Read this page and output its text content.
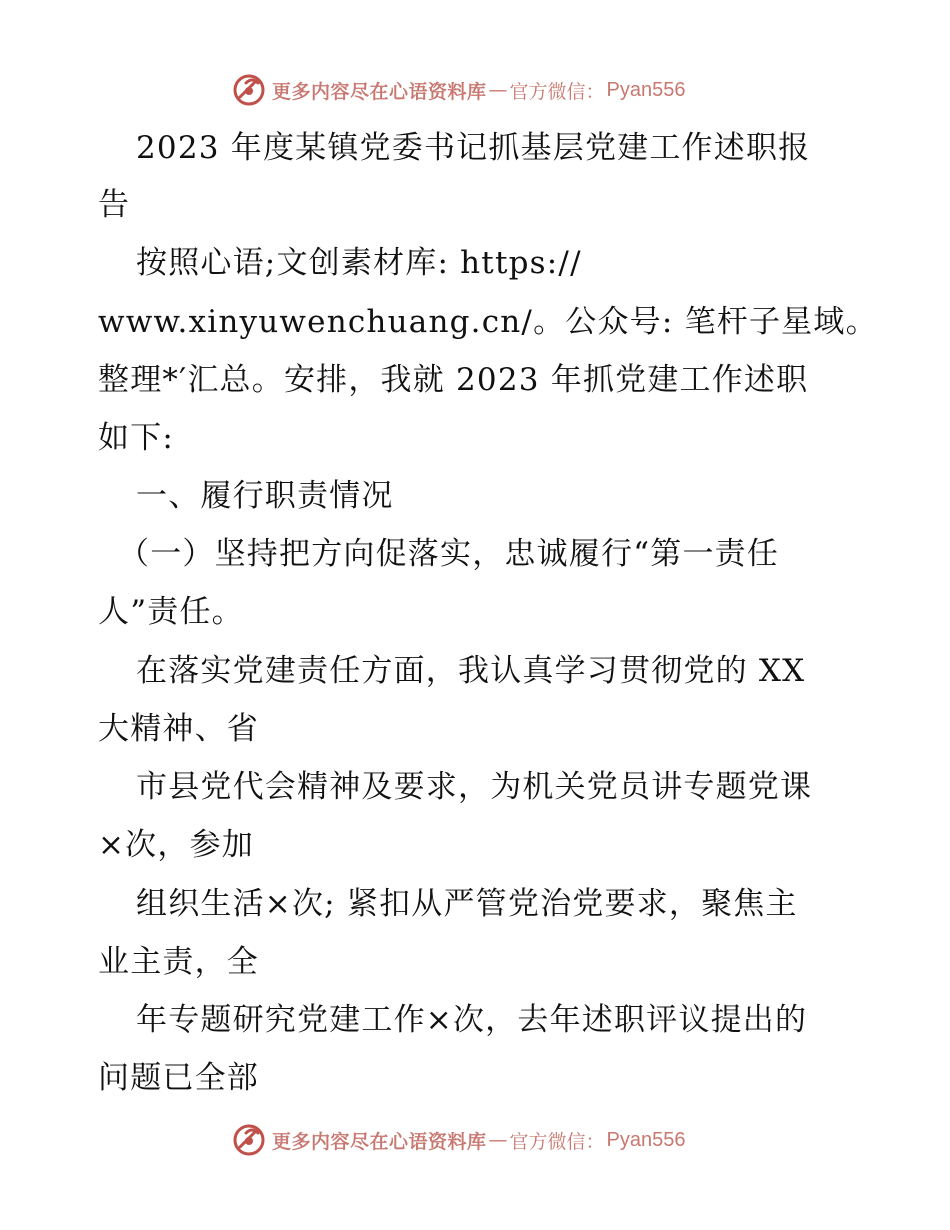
更多内容尽在心语资料库 — 官方微信： Pyan556
2023 年度某镇党委书记抓基层党建工作述职报
告
按照心语;文创素材库: https://
www.xinyuwenchuang.cn/。公众号: 笔杆子星域。
整理*′汇总。安排，我就 2023 年抓党建工作述职
如下:
一、履行职责情况
（一）坚持把方向促落实，忠诚履行“第一责任
人”责任。
在落实党建责任方面，我认真学习贯彻党的 XX
大精神、省
市县党代会精神及要求，为机关党员讲专题党课
×次，参加
组织生活×次; 紧扣从严管党治党要求，聚焦主
业主责，全
年专题研究党建工作×次，去年述职评议提出的
问题已全部
更多内容尽在心语资料库 — 官方微信： Pyan556
